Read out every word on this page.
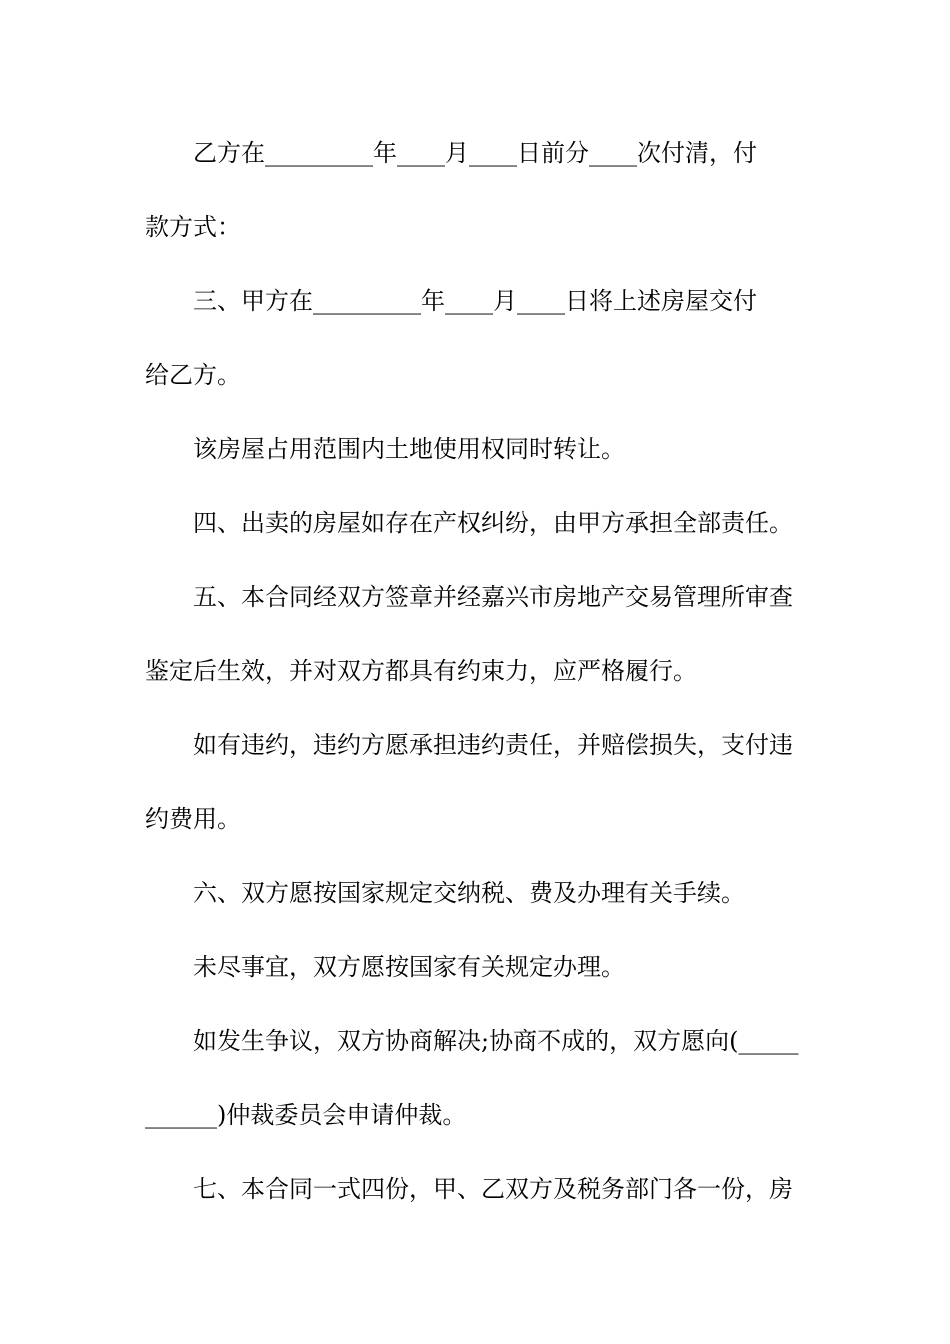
乙方在_________年____月____日前分____次付清，付

款方式：

三、甲方在_________年____月____日将上述房屋交付

给乙方。

该房屋占用范围内土地使用权同时转让。

四、出卖的房屋如存在产权纠纷，由甲方承担全部责任。

五、本合同经双方签章并经嘉兴市房地产交易管理所审查

鉴定后生效，并对双方都具有约束力，应严格履行。

如有违约，违约方愿承担违约责任，并赔偿损失，支付违

约费用。

六、双方愿按国家规定交纳税、费及办理有关手续。

未尽事宜，双方愿按国家有关规定办理。

如发生争议，双方协商解决;协商不成的，双方愿向(_____

______)仲裁委员会申请仲裁。

七、本合同一式四份，甲、乙双方及税务部门各一份，房
